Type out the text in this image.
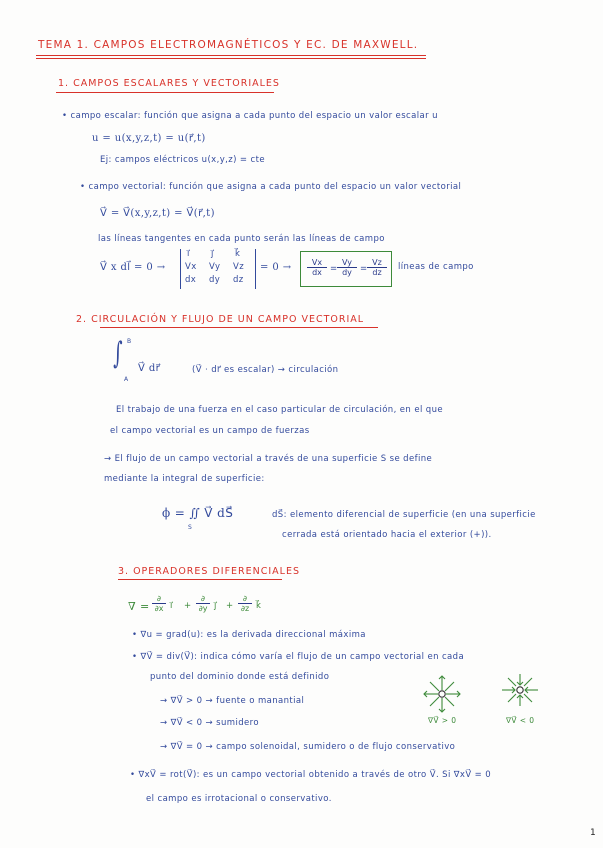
TEMA 1. CAMPOS ELECTROMAGNÉTICOS Y EC. DE MAXWELL.
1. CAMPOS ESCALARES Y VECTORIALES
• campo escalar: función que asigna a cada punto del espacio un valor escalar u
u = u(x,y,z,t) = u(r⃗,t)
Ej: campos eléctricos u(x,y,z) = cte
• campo vectorial: función que asigna a cada punto del espacio un valor vectorial
V⃗ = V⃗(x,y,z,t) = V⃗(r⃗,t)
las líneas tangentes en cada punto serán las líneas de campo
V⃗ x dl⃗ = 0 →
i⃗ j⃗ k⃗
Vx Vy Vz
dx dy dz
= $0 \to \frac{Vx}{dx} = \frac{Vy}{dy} = \frac{Vz}{dz}$ líneas de campo
2. CIRCULACIÓN Y FLUJO DE UN CAMPO VECTORIAL
∫ B
A
V⃗ dr⃗	(V⃗ ⋅ dr⃗ es escalar) → circulación
El trabajo de una fuerza en el caso particular de circulación, en el que
el campo vectorial es un campo de fuerzas
→ El flujo de un campo vectorial a través de una superficie S se define
mediante la integral de superficie:
ϕ = ∬ V⃗ dS⃗
S
dS⃗: elemento diferencial de superficie (en una superficie
cerrada está orientado hacia el exterior (+)).
3. OPERADORES DIFERENCIALES
∇ =
∂
∂x i⃗ +
∂
∂y j⃗ +
∂
∂z k⃗
• ∇u = grad(u): es la derivada direccional máxima
• ∇V⃗ = div(V⃗): indica cómo varía el flujo de un campo vectorial en cada
punto del dominio donde está definido
→ ∇V⃗ > 0 → fuente o manantial
→ ∇V⃗ < 0 → sumidero
→ ∇V⃗ = 0 → campo solenoidal, sumidero o de flujo conservativo
∇V⃗ > 0	∇V⃗ < 0
• ∇xV⃗ = rot(V⃗): es un campo vectorial obtenido a través de otro V⃗. Si ∇xV⃗ = 0
el campo es irrotacional o conservativo.
1
